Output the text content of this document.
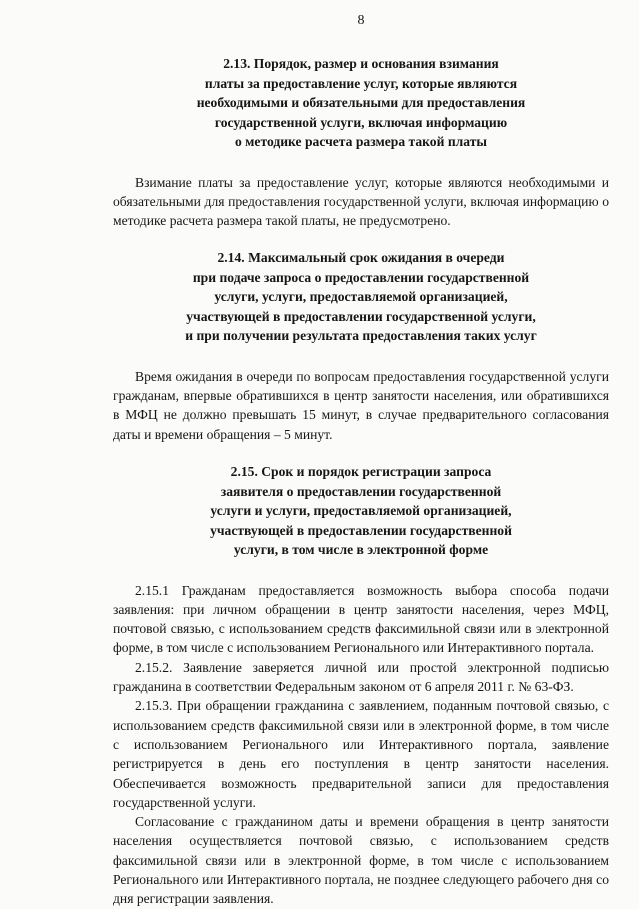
8
2.13. Порядок, размер и основания взимания
платы за предоставление услуг, которые являются
необходимыми и обязательными для предоставления
государственной услуги, включая информацию
о методике расчета размера такой платы

Взимание платы за предоставление услуг, которые являются необходимыми и обязательными для предоставления государственной услуги, включая информацию о методике расчета размера такой платы, не предусмотрено.

2.14. Максимальный срок ожидания в очереди
при подаче запроса о предоставлении государственной
услуги, услуги, предоставляемой организацией,
участвующей в предоставлении государственной услуги,
и при получении результата предоставления таких услуг

Время ожидания в очереди по вопросам предоставления государственной услуги гражданам, впервые обратившихся в центр занятости населения, или обратившихся в МФЦ не должно превышать 15 минут, в случае предварительного согласования даты и времени обращения – 5 минут.

2.15. Срок и порядок регистрации запроса
заявителя о предоставлении государственной
услуги и услуги, предоставляемой организацией,
участвующей в предоставлении государственной
услуги, в том числе в электронной форме

2.15.1 Гражданам предоставляется возможность выбора способа подачи заявления: при личном обращении в центр занятости населения, через МФЦ, почтовой связью, с использованием средств факсимильной связи или в электронной форме, в том числе с использованием Регионального или Интерактивного портала.

2.15.2. Заявление заверяется личной или простой электронной подписью гражданина в соответствии Федеральным законом от 6 апреля 2011 г. № 63-ФЗ.

2.15.3. При обращении гражданина с заявлением, поданным почтовой связью, с использованием средств факсимильной связи или в электронной форме, в том числе с использованием Регионального или Интерактивного портала, заявление регистрируется в день его поступления в центр занятости населения. Обеспечивается возможность предварительной записи для предоставления государственной услуги.

Согласование с гражданином даты и времени обращения в центр занятости населения осуществляется почтовой связью, с использованием средств факсимильной связи или в электронной форме, в том числе с использованием Регионального или Интерактивного портала, не позднее следующего рабочего дня со дня регистрации заявления.
